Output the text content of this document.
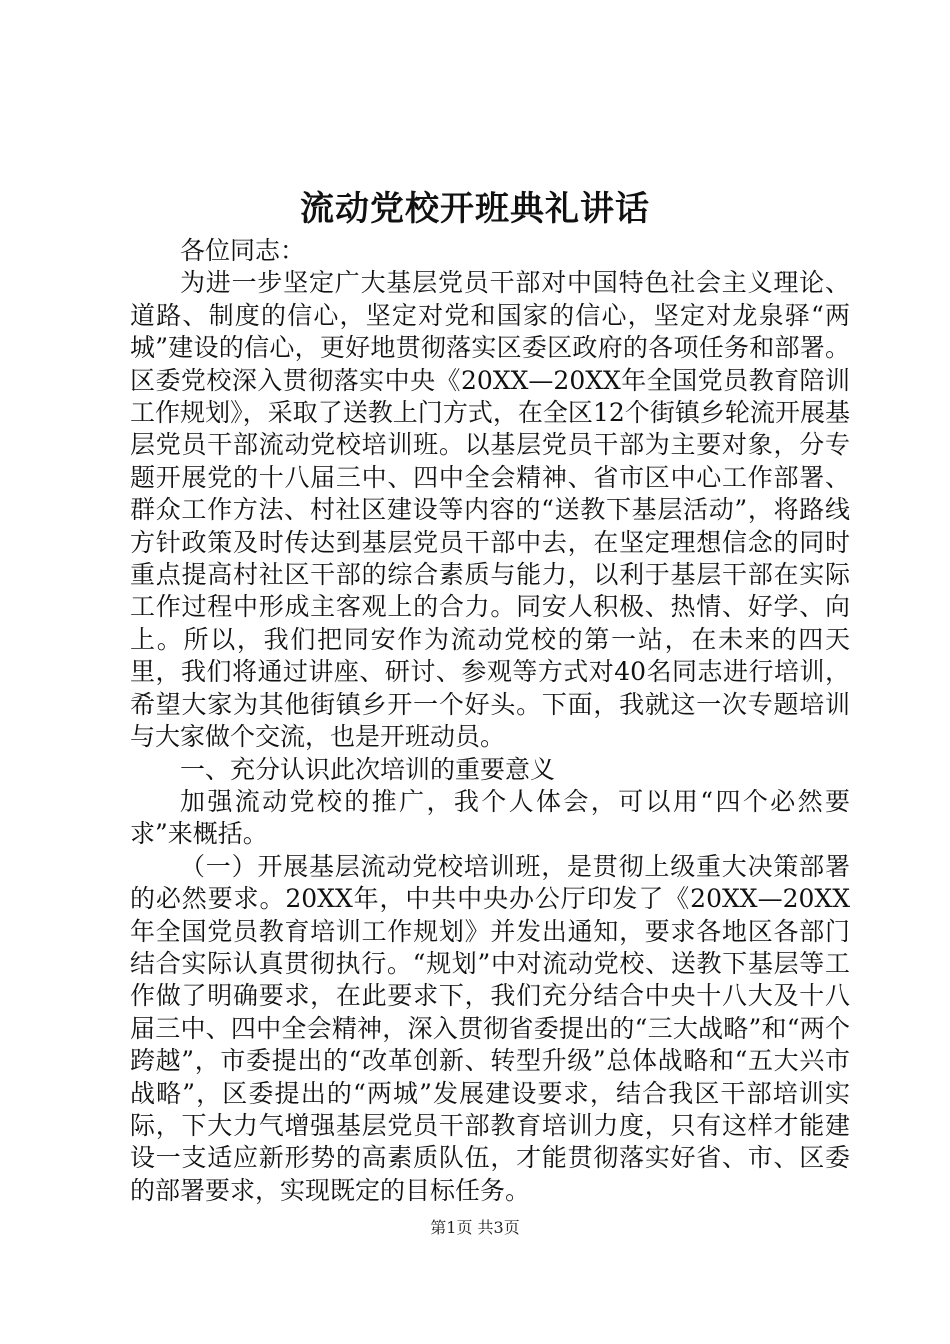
流动党校开班典礼讲话

各位同志：

为进一步坚定广大基层党员干部对中国特色社会主义理论、道路、制度的信心，坚定对党和国家的信心，坚定对龙泉驿“两城”建设的信心，更好地贯彻落实区委区政府的各项任务和部署。区委党校深入贯彻落实中央《20XX—20XX年全国党员教育陪训工作规划》，采取了送教上门方式，在全区12个街镇乡轮流开展基层党员干部流动党校培训班。以基层党员干部为主要对象，分专题开展党的十八届三中、四中全会精神、省市区中心工作部署、群众工作方法、村社区建设等内容的“送教下基层活动”，将路线方针政策及时传达到基层党员干部中去，在坚定理想信念的同时重点提高村社区干部的综合素质与能力，以利于基层干部在实际工作过程中形成主客观上的合力。同安人积极、热情、好学、向上。所以，我们把同安作为流动党校的第一站，在未来的四天里，我们将通过讲座、研讨、参观等方式对40名同志进行培训，希望大家为其他街镇乡开一个好头。下面，我就这一次专题培训与大家做个交流，也是开班动员。

一、充分认识此次培训的重要意义

加强流动党校的推广，我个人体会，可以用“四个必然要求”来概括。

（一）开展基层流动党校培训班，是贯彻上级重大决策部署的必然要求。20XX年，中共中央办公厅印发了《20XX—20XX年全国党员教育培训工作规划》并发出通知，要求各地区各部门结合实际认真贯彻执行。“规划”中对流动党校、送教下基层等工作做了明确要求，在此要求下，我们充分结合中央十八大及十八届三中、四中全会精神，深入贯彻省委提出的“三大战略”和“两个跨越”，市委提出的“改革创新、转型升级”总体战略和“五大兴市战略”，区委提出的“两城”发展建设要求，结合我区干部培训实际，下大力气增强基层党员干部教育培训力度，只有这样才能建设一支适应新形势的高素质队伍，才能贯彻落实好省、市、区委的部署要求，实现既定的目标任务。

第1页 共3页
